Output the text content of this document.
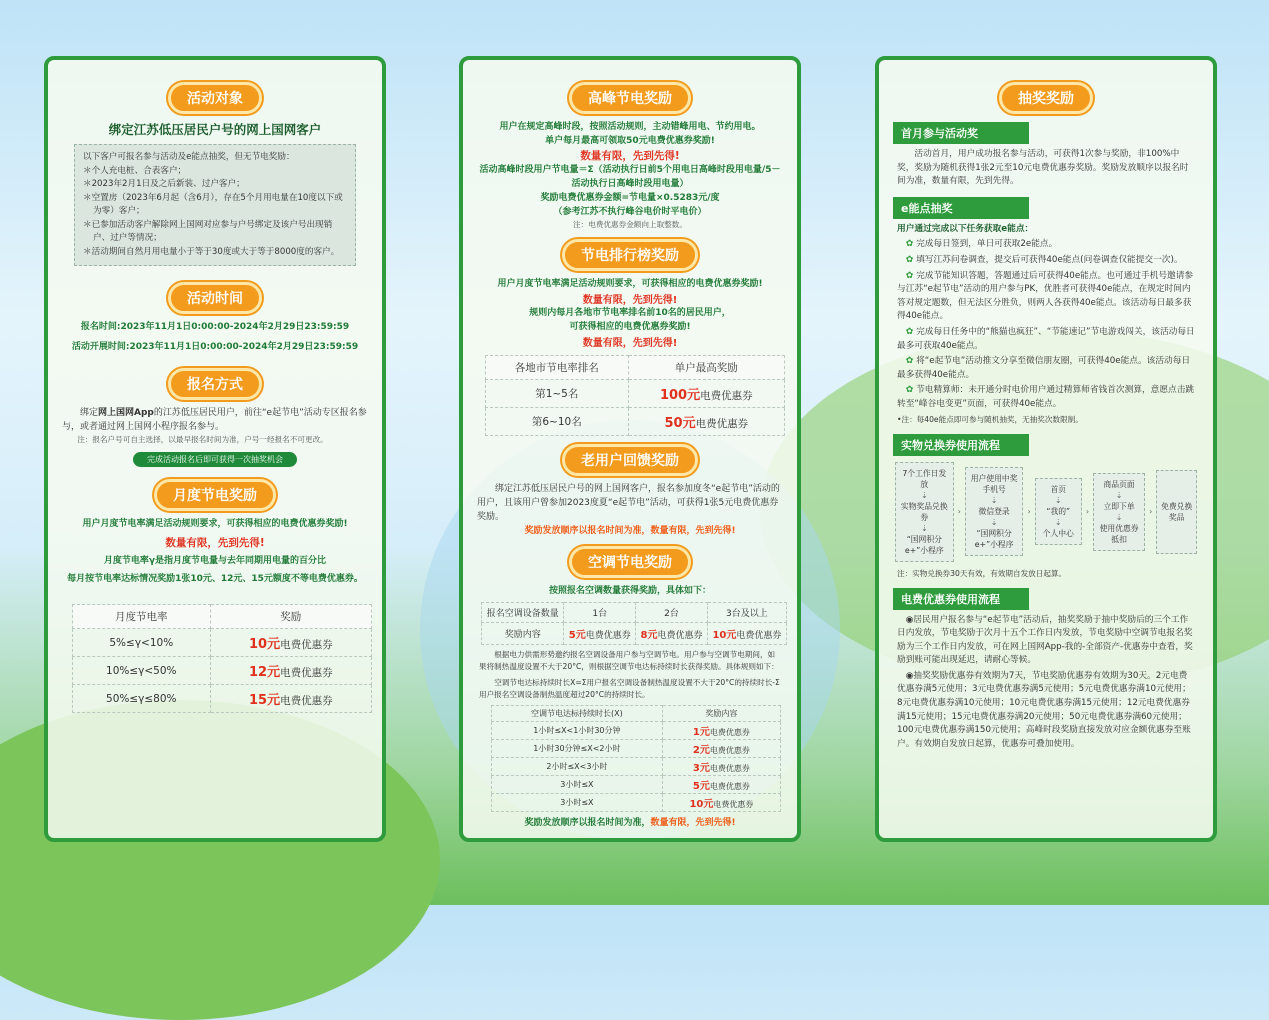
活动对象
绑定江苏低压居民户号的网上国网客户
以下客户可报名参与活动及e能点抽奖，但无节电奖励：
＊个人充电桩、合表客户；
＊2023年2月1日及之后新装、过户客户；
＊空置房（2023年6月起（含6月），存在5个月用电量在10度以下或为零）客户；
＊已参加活动客户解除网上国网对应参与户号绑定及该户号出现销户、过户等情况；
＊活动期间自然月用电量小于等于30度或大于等于8000度的客户。
活动时间
报名时间:2023年11月1日0:00:00-2024年2月29日23:59:59
活动开展时间:2023年11月1日0:00:00-2024年2月29日23:59:59
报名方式
绑定网上国网App的江苏低压居民用户，前往“e起节电”活动专区报名参与，或者通过网上国网小程序报名参与。
注：报名户号可自主选择，以最早报名时间为准，户号一经报名不可更改。
完成活动报名后即可获得一次抽奖机会
月度节电奖励
用户月度节电率满足活动规则要求，可获得相应的电费优惠券奖励!
数量有限，先到先得!
月度节电率γ是指月度节电量与去年同期用电量的百分比
每月按节电率达标情况奖励1张10元、12元、15元额度不等电费优惠券。
月度节电率	奖励
5%≤γ<10%	10元电费优惠券
10%≤γ<50%	12元电费优惠券
50%≤γ≤80%	15元电费优惠券
高峰节电奖励
用户在规定高峰时段，按照活动规则，主动错峰用电、节约用电。
单户每月最高可领取50元电费优惠券奖励!
数量有限，先到先得!
活动高峰时段用户节电量＝Σ（活动执行日前5个用电日高峰时段用电量/5－活动执行日高峰时段用电量）
奖励电费优惠券金额=节电量×0.5283元/度
（参考江苏不执行峰谷电价时平电价）
注：电费优惠券金额向上取整数。
节电排行榜奖励
用户月度节电率满足活动规则要求，可获得相应的电费优惠券奖励!
数量有限，先到先得!
规则内每月各地市节电率排名前10名的居民用户，
可获得相应的电费优惠券奖励!
数量有限，先到先得!
各地市节电率排名	单户最高奖励
第1~5名	100元电费优惠券
第6~10名	50元电费优惠券
老用户回馈奖励
绑定江苏低压居民户号的网上国网客户，报名参加度冬“e起节电”活动的用户，且该用户曾参加2023度夏“e起节电”活动，可获得1张5元电费优惠券奖励。
奖励发放顺序以报名时间为准，数量有限，先到先得!
空调节电奖励
按照报名空调数量获得奖励，具体如下：
报名空调设备数量	1台	2台	3台及以上
奖励内容	5元电费优惠券	8元电费优惠券	10元电费优惠券
根据电力供需形势邀约报名空调设备用户参与空调节电。用户参与空调节电期间，如果将制热温度设置不大于20°C，则根据空调节电达标持续时长获得奖励。具体规则如下：
空调节电达标持续时长X=Σ用户报名空调设备制热温度设置不大于20°C的持续时长-Σ用户报名空调设备制热温度超过20°C的持续时长。
空调节电达标持续时长(X)	奖励内容
1小时≤X<1小时30分钟	1元电费优惠券
1小时30分钟≤X<2小时	2元电费优惠券
2小时≤X<3小时	3元电费优惠券
3小时≤X	5元电费优惠券
3小时≤X	10元电费优惠券
奖励发放顺序以报名时间为准，数量有限，先到先得!
抽奖奖励
首月参与活动奖
活动首月，用户成功报名参与活动，可获得1次参与奖励，非100%中奖，奖励为随机获得1张2元至10元电费优惠券奖励。奖励发放顺序以报名时间为准，数量有限，先到先得。
e能点抽奖
用户通过完成以下任务获取e能点：
✿ 完成每日签到，单日可获取2e能点。
✿ 填写江苏问卷调查，提交后可获得40e能点(问卷调查仅能提交一次)。
✿ 完成节能知识答题，答题通过后可获得40e能点。也可通过手机号邀请参与江苏“e起节电”活动的用户参与PK，优胜者可获得40e能点，在规定时间内答对规定题数，但无法区分胜负，则两人各获得40e能点。该活动每日最多获得40e能点。
✿ 完成每日任务中的“熊猫也疯狂”、“节能速记”节电游戏闯关，该活动每日最多可获取40e能点。
✿ 将“e起节电”活动推文分享至微信朋友圈，可获得40e能点。该活动每日最多获得40e能点。
✿ 节电精算师：未开通分时电价用户通过精算师省钱首次测算，意愿点击跳转至“峰谷电变更”页面，可获得40e能点。
•注：每40e能点即可参与随机抽奖，无抽奖次数限制。
实物兑换券使用流程
7个工作日发放
⇣
实物奖品兑换券
⇣
“国网积分e+”小程序
›
用户使用中奖手机号
⇣
微信登录
⇣
“国网积分e+”小程序
›
首页
⇣
“我的”
⇣
个人中心
›
商品页面
⇣
立即下单
⇣
使用优惠券抵扣
›
免费兑换奖品
注：实物兑换券30天有效，有效期自发放日起算。
电费优惠券使用流程
◉居民用户报名参与“e起节电”活动后，抽奖奖励于抽中奖励后的三个工作日内发放，节电奖励于次月十五个工作日内发放，节电奖励中空调节电报名奖励为三个工作日内发放，可在网上国网App-我的-全部资产-优惠券中查看，奖励到账可能出现延迟，请耐心等候。
◉抽奖奖励优惠券有效期为7天，节电奖励优惠券有效期为30天。2元电费优惠券满5元使用；3元电费优惠券满5元使用；5元电费优惠券满10元使用；8元电费优惠券满10元使用；10元电费优惠券满15元使用；12元电费优惠券满15元使用；15元电费优惠券满20元使用；50元电费优惠券满60元使用；100元电费优惠券满150元使用；高峰时段奖励直接发放对应金额优惠券至账户。有效期自发放日起算，优惠券可叠加使用。
